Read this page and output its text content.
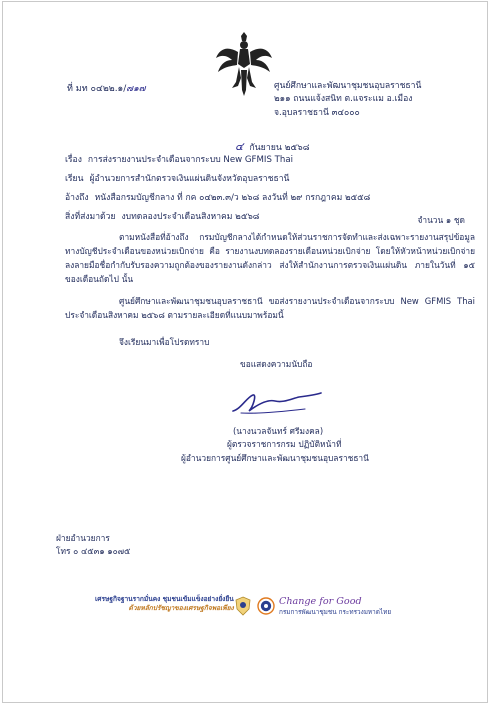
ที่ มท ๐๔๒๒.๑/๗๑๗	ศูนย์ศึกษาและพัฒนาชุมชนอุบลราชธานี
๒๑๑ ถนนแจ้งสนิท ต.แจระแม อ.เมือง
จ.อุบลราชธานี ๓๔๐๐๐
๔ กันยายน ๒๕๖๘
เรื่อง การส่งรายงานประจำเดือนจากระบบ New GFMIS Thai
เรียน ผู้อำนวยการสำนักตรวจเงินแผ่นดินจังหวัดอุบลราชธานี
อ้างถึง หนังสือกรมบัญชีกลาง ที่ กค ๐๔๒๓.๓/ว ๒๖๘ ลงวันที่ ๒๙ กรกฎาคม ๒๕๕๘
สิ่งที่ส่งมาด้วย งบทดลองประจำเดือนสิงหาคม ๒๕๖๘	จำนวน ๑ ชุด
ตามหนังสือที่อ้างถึง กรมบัญชีกลางได้กำหนดให้ส่วนราชการจัดทำและส่งเฉพาะรายงานสรุปข้อมูลทางบัญชีประจำเดือนของหน่วยเบิกจ่าย คือ รายงานงบทดลองรายเดือนหน่วยเบิกจ่าย โดยให้หัวหน้าหน่วยเบิกจ่ายลงลายมือชื่อกำกับรับรองความถูกต้องของรายงานดังกล่าว ส่งให้สำนักงานการตรวจเงินแผ่นดิน ภายในวันที่ ๑๕ ของเดือนถัดไป นั้น
ศูนย์ศึกษาและพัฒนาชุมชนอุบลราชธานี ขอส่งรายงานประจำเดือนจากระบบ New GFMIS Thai ประจำเดือนสิงหาคม ๒๕๖๘ ตามรายละเอียดที่แนบมาพร้อมนี้
จึงเรียนมาเพื่อโปรดทราบ
ขอแสดงความนับถือ
(นางนวลจันทร์ ศรีมงคล)
ผู้ตรวจราชการกรม ปฏิบัติหน้าที่
ผู้อำนวยการศูนย์ศึกษาและพัฒนาชุมชนอุบลราชธานี
ฝ่ายอำนวยการ
โทร ๐ ๔๕๓๑ ๑๐๗๕
เศรษฐกิจฐานรากมั่นคง ชุมชนเข้มแข็งอย่างยั่งยืน
ด้วยหลักปรัชญาของเศรษฐกิจพอเพียง
Change for Good
กรมการพัฒนาชุมชน กระทรวงมหาดไทย
